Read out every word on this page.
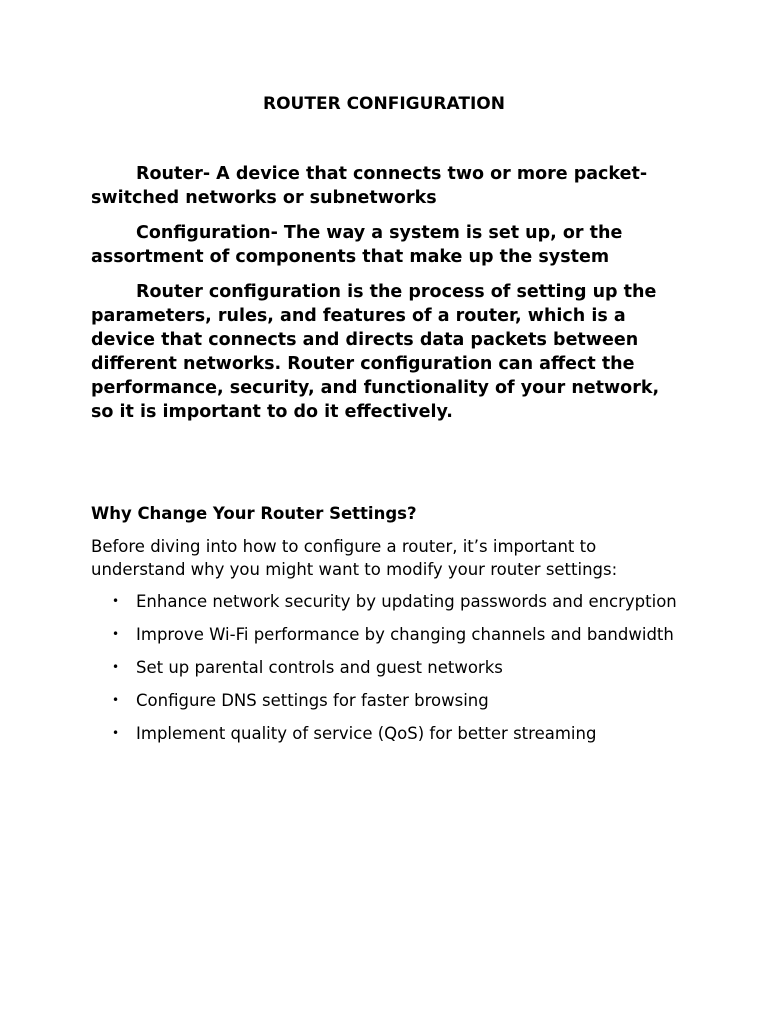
ROUTER CONFIGURATION

Router- A device that connects two or more packet-switched networks or subnetworks

Configuration- The way a system is set up, or the assortment of components that make up the system

Router configuration is the process of setting up the parameters, rules, and features of a router, which is a device that connects and directs data packets between different networks. Router configuration can affect the performance, security, and functionality of your network, so it is important to do it effectively.

Why Change Your Router Settings?

Before diving into how to configure a router, it’s important to understand why you might want to modify your router settings:

• Enhance network security by updating passwords and encryption
• Improve Wi-Fi performance by changing channels and bandwidth
• Set up parental controls and guest networks
• Configure DNS settings for faster browsing
• Implement quality of service (QoS) for better streaming
